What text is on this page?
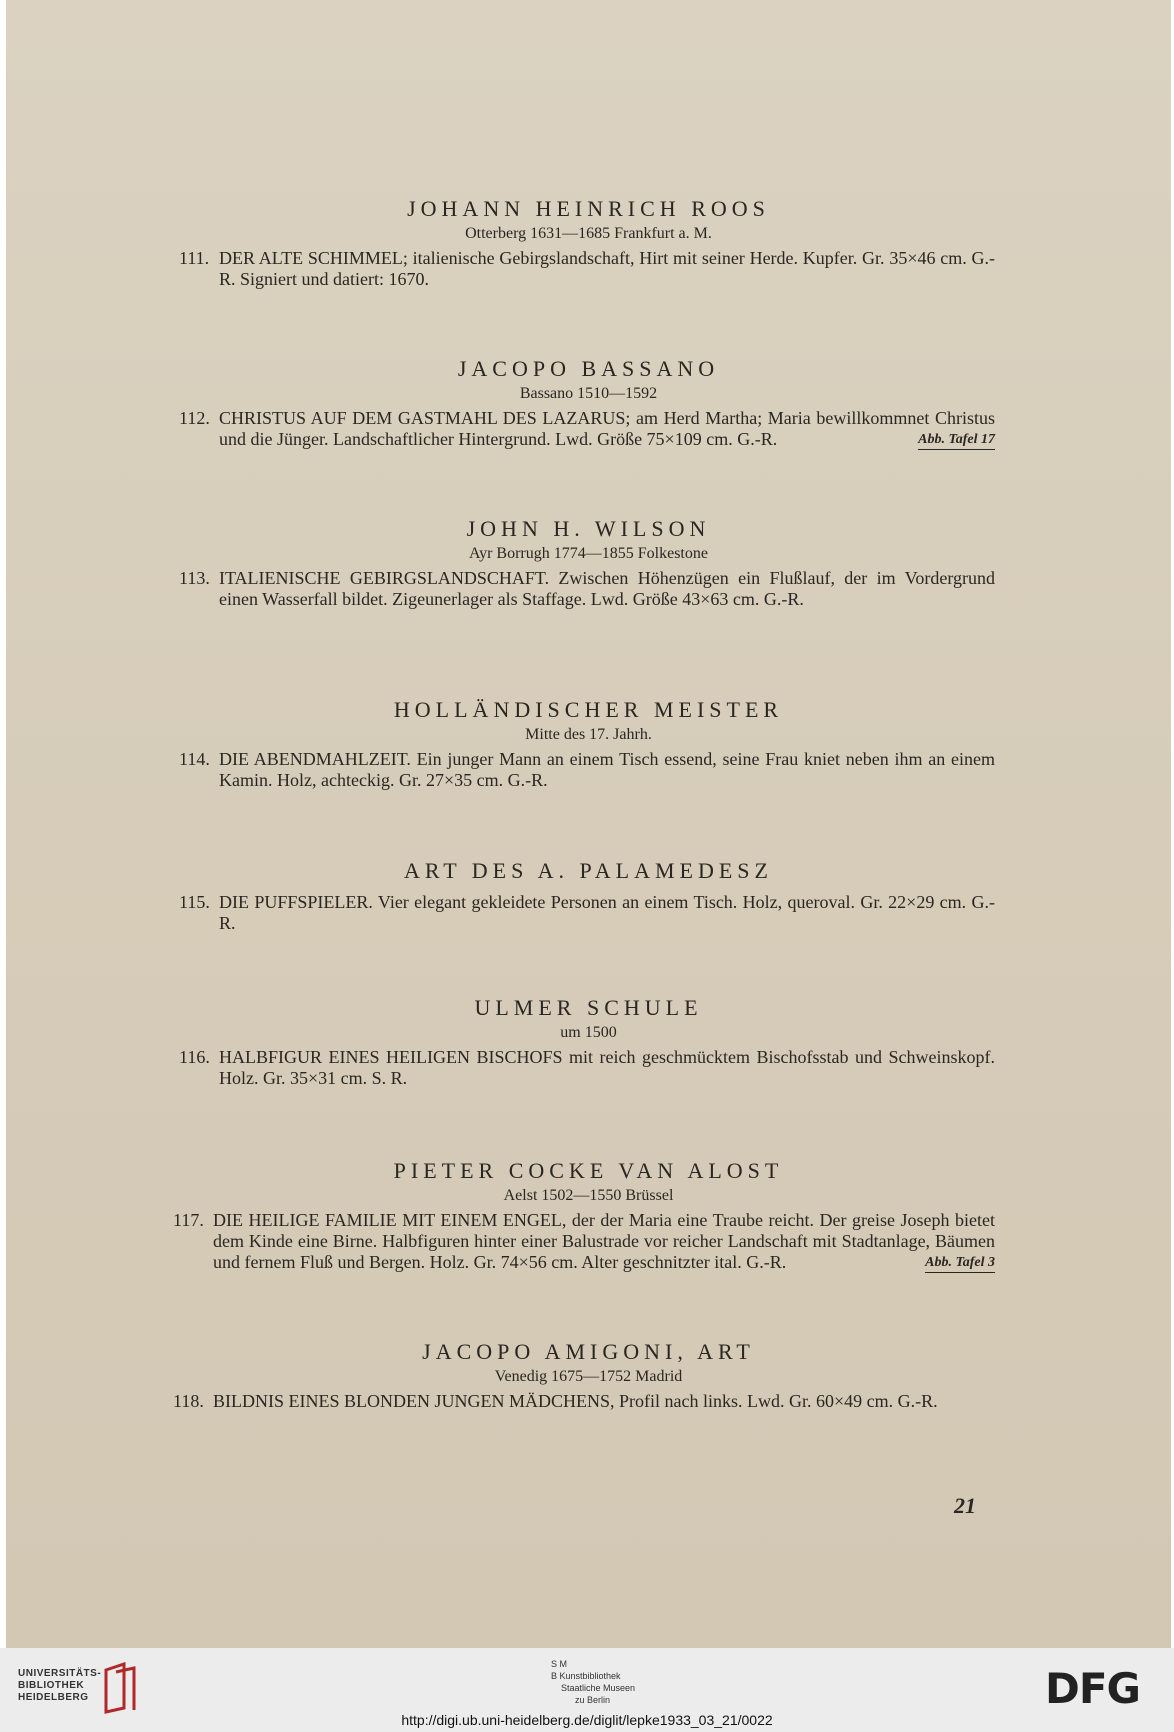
JOHANN HEINRICH ROOS
Otterberg 1631—1685 Frankfurt a. M.
111. DER ALTE SCHIMMEL; italienische Gebirgslandschaft, Hirt mit seiner Herde. Kupfer. Gr. 35×46 cm. G.-R. Signiert und datiert: 1670.
JACOPO BASSANO
Bassano 1510—1592
112. CHRISTUS AUF DEM GASTMAHL DES LAZARUS; am Herd Martha; Maria bewillkommnet Christus und die Jünger. Landschaftlicher Hintergrund. Lwd. Größe 75×109 cm. G.-R.	Abb. Tafel 17
JOHN H. WILSON
Ayr Borrugh 1774—1855 Folkestone
113. ITALIENISCHE GEBIRGSLANDSCHAFT. Zwischen Höhenzügen ein Flußlauf, der im Vordergrund einen Wasserfall bildet. Zigeunerlager als Staffage. Lwd. Größe 43×63 cm. G.-R.
HOLLÄNDISCHER MEISTER
Mitte des 17. Jahrh.
114. DIE ABENDMAHLZEIT. Ein junger Mann an einem Tisch essend, seine Frau kniet neben ihm an einem Kamin. Holz, achteckig. Gr. 27×35 cm. G.-R.
ART DES A. PALAMEDESZ
115. DIE PUFFSPIELER. Vier elegant gekleidete Personen an einem Tisch. Holz, queroval. Gr. 22×29 cm. G.-R.
ULMER SCHULE
um 1500
116. HALBFIGUR EINES HEILIGEN BISCHOFS mit reich geschmücktem Bischofsstab und Schweinskopf. Holz. Gr. 35×31 cm. S. R.
PIETER COCKE VAN ALOST
Aelst 1502—1550 Brüssel
117. DIE HEILIGE FAMILIE MIT EINEM ENGEL, der der Maria eine Traube reicht. Der greise Joseph bietet dem Kinde eine Birne. Halbfiguren hinter einer Balustrade vor reicher Landschaft mit Stadtanlage, Bäumen und fernem Fluß und Bergen. Holz. Gr. 74×56 cm. Alter geschnitzter ital. G.-R.	Abb. Tafel 3
JACOPO AMIGONI, ART
Venedig 1675—1752 Madrid
118. BILDNIS EINES BLONDEN JUNGEN MÄDCHENS, Profil nach links. Lwd. Gr. 60×49 cm. G.-R.
21
UNIVERSITÄTS-
BIBLIOTHEK
HEIDELBERG
S M
B Kunstbibliothek
Staatliche Museen
zu Berlin	DFG
http://digi.ub.uni-heidelberg.de/diglit/lepke1933_03_21/0022
